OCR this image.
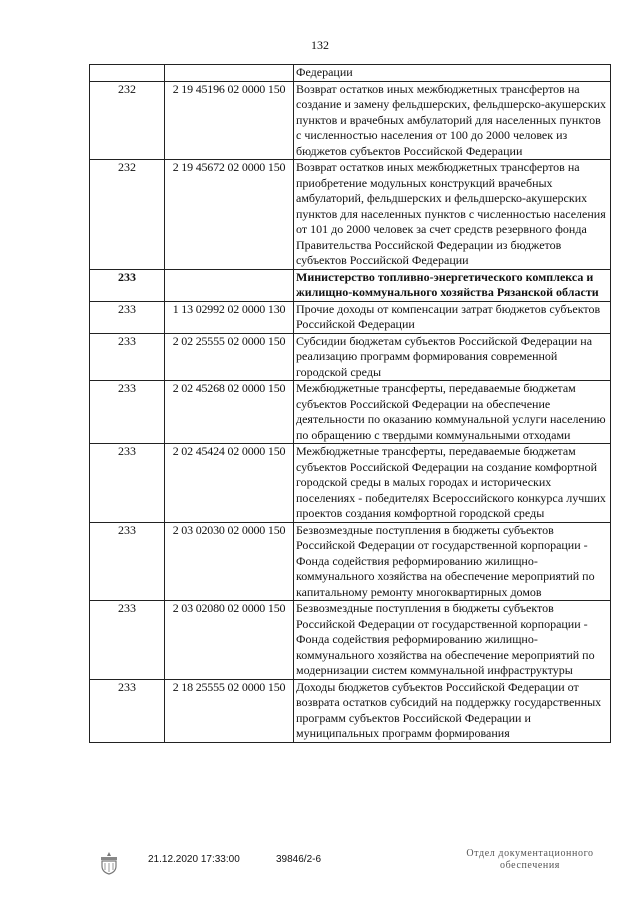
132
		Федерации
232	2 19 45196 02 0000 150	Возврат остатков иных межбюджетных трансфертов на создание и замену фельдшерских, фельдшерско-акушерских пунктов и врачебных амбулаторий для населенных пунктов с численностью населения от 100 до 2000 человек из бюджетов субъектов Российской Федерации
232	2 19 45672 02 0000 150	Возврат остатков иных межбюджетных трансфертов на приобретение модульных конструкций врачебных амбулаторий, фельдшерских и фельдшерско-акушерских пунктов для населенных пунктов с численностью населения от 101 до 2000 человек за счет средств резервного фонда Правительства Российской Федерации из бюджетов субъектов Российской Федерации
233		Министерство топливно-энергетического комплекса и жилищно-коммунального хозяйства Рязанской области
233	1 13 02992 02 0000 130	Прочие доходы от компенсации затрат бюджетов субъектов Российской Федерации
233	2 02 25555 02 0000 150	Субсидии бюджетам субъектов Российской Федерации на реализацию программ формирования современной городской среды
233	2 02 45268 02 0000 150	Межбюджетные трансферты, передаваемые бюджетам субъектов Российской Федерации на обеспечение деятельности по оказанию коммунальной услуги населению по обращению с твердыми коммунальными отходами
233	2 02 45424 02 0000 150	Межбюджетные трансферты, передаваемые бюджетам субъектов Российской Федерации на создание комфортной городской среды в малых городах и исторических поселениях - победителях Всероссийского конкурса лучших проектов создания комфортной городской среды
233	2 03 02030 02 0000 150	Безвозмездные поступления в бюджеты субъектов Российской Федерации от государственной корпорации - Фонда содействия реформированию жилищно-коммунального хозяйства на обеспечение мероприятий по капитальному ремонту многоквартирных домов
233	2 03 02080 02 0000 150	Безвозмездные поступления в бюджеты субъектов Российской Федерации от государственной корпорации - Фонда содействия реформированию жилищно-коммунального хозяйства на обеспечение мероприятий по модернизации систем коммунальной инфраструктуры
233	2 18 25555 02 0000 150	Доходы бюджетов субъектов Российской Федерации от возврата остатков субсидий на поддержку государственных программ субъектов Российской Федерации и муниципальных программ формирования
21.12.2020 17:33:00	39846/2-6
Отдел документационного обеспечения
